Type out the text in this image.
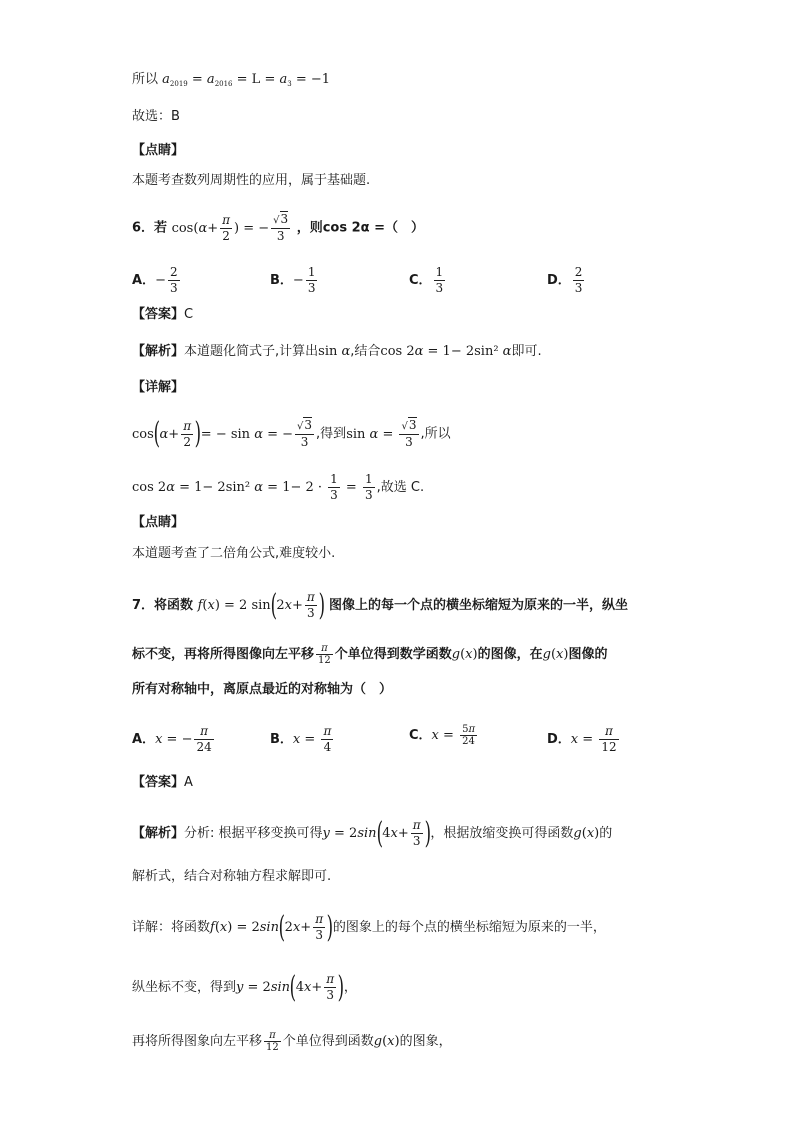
所以 $a_{2019} = a_{2016} = L = a_3 = -1$
故选：B
【点睛】
本题考查数列周期性的应用，属于基础题.
6．若 $\cos(\alpha+ \frac{\pi}{2}$ ) = − $\frac{√3}{3}$ ，则cos 2α =（　）
A．− $\frac{2}{3}$	B．− $\frac{1}{3}$	C． $\frac{1}{3}$	D． $\frac{2}{3}$
【答案】C
【解析】本道题化简式子,计算出sin α,结合cos 2α = 1− 2sin² α即可.
【详解】
$\cos(\alpha+ \frac{\pi}{2}$ )= − sin α = − $\frac{√3}{3}$ ,得到$\sin \alpha = \frac{√3}{3}$ ,所以
cos 2α = 1− 2sin² $\alpha = 1- 2 \cdot \frac{1}{3} = \frac{1}{3}$ ,故选 C.
【点睛】
本道题考查了二倍角公式,难度较小.
7．将函数 f(x) = 2 $\sin(2x+ \frac{\pi}{3}$ ) 图像上的每一个点的横坐标缩短为原来的一半，纵坐
标不变，再将所得图像向左平移 $\frac{\pi}{12}$ 个单位得到数学函数g(x)的图像，在g(x)图像的
所有对称轴中，离原点最近的对称轴为（　）
A．x = − $\frac{\pi}{24}$	B．$x = \frac{\pi}{4}$	C．$x = \frac{5\pi}{24}$	D．$x = \frac{\pi}{12}$
【答案】A
【解析】分析: 根据平移变换可得$y = 2\sin(4x+ \frac{\pi}{3}$ )，根据放缩变换可得函数g(x)的
解析式，结合对称轴方程求解即可.
详解：将函数$f(x) = 2\sin(2x+ \frac{\pi}{3}$ )的图象上的每个点的横坐标缩短为原来的一半，
纵坐标不变，得到$y = 2\sin(4x+ \frac{\pi}{3}$ )，
再将所得图象向左平移 $\frac{\pi}{12}$ 个单位得到函数g(x)的图象，
